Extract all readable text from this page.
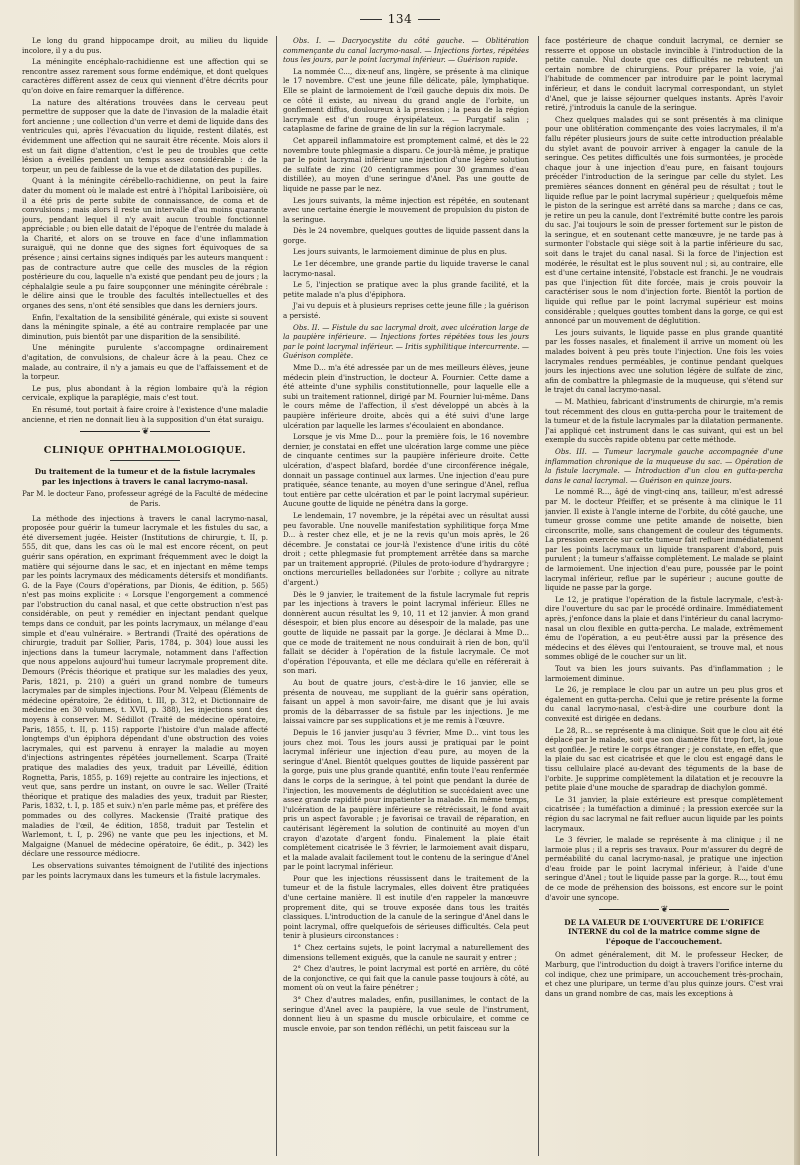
134

Le long du grand hippocampe droit, au milieu du liquide incolore, il y a du pus.

La méningite encéphalo-rachidienne est une affection qui se rencontre assez rarement sous forme endémique, et dont quelques caractères diffèrent assez de ceux qui viennent d'être décrits pour qu'on doive en faire remarquer la différence.

La nature des altérations trouvées dans le cerveau peut permettre de supposer que la date de l'invasion de la maladie était fort ancienne ; une collection d'un verre et demi de liquide dans des ventricules qui, après l'évacuation du liquide, restent dilatés, est évidemment une affection qui ne saurait être récente. Mois alors il est un fait digne d'attention, c'est le peu de troubles que cette lésion a éveillés pendant un temps assez considérable : de la torpeur, un peu de faiblesse de la vue et de dilatation des pupilles.

Quant à la méningite cérébello-rachidienne, on peut la faire dater du moment où le malade est entré à l'hôpital Lariboisière, où il a été pris de perte subite de connaissance, de coma et de convulsions ; mais alors il reste un intervalle d'au moins quarante jours, pendant lequel il n'y avait aucun trouble fonctionnel appréciable ; ou bien elle datait de l'époque de l'entrée du malade à la Charité, et alors on se trouve en face d'une inflammation suraiguë, qui ne donne que des signes fort équivoques de sa présence ; ainsi certains signes indiqués par les auteurs manquent : pas de contracture autre que celle des muscles de la région postérieure du cou, laquelle n'a existé que pendant peu de jours ; la céphalalgie seule a pu faire soupçonner une méningite cérébrale : le délire ainsi que le trouble des facultés intellectuelles et des organes des sens, n'ont été sensibles que dans les derniers jours.

Enfin, l'exaltation de la sensibilité générale, qui existe si souvent dans la méningite spinale, a été au contraire remplacée par une diminution, puis bientôt par une disparition de la sensibilité.

Une méningite purulente s'accompagne ordinairement d'agitation, de convulsions, de chaleur âcre à la peau. Chez ce malade, au contraire, il n'y a jamais eu que de l'affaissement et de la torpeur.

Le pus, plus abondant à la région lombaire qu'à la région cervicale, explique la paraplégie, mais c'est tout.

En résumé, tout portait à faire croire à l'existence d'une maladie ancienne, et rien ne donnait lieu à la supposition d'un état suraigu.

❦
CLINIQUE OPHTHALMOLOGIQUE.
Du traitement de la tumeur et de la fistule lacrymales par les injections à travers le canal lacrymo-nasal.
Par M. le docteur Fano, professeur agrégé de la Faculté de médecine de Paris.

La méthode des injections à travers le canal lacrymo-nasal, proposée pour guérir la tumeur lacrymale et les fistules du sac, a été diversement jugée. Heister (Institutions de chirurgie, t. II, p. 555, dit que, dans les cas où le mal est encore récent, on peut guérir sans opération, en exprimant fréquemment avec le doigt la matière qui séjourne dans le sac, et en injectant en même temps par les points lacrymaux des médicaments détersifs et mondifiants. G. de la Faye (Cours d'opérations, par Dionis, 4e édition, p. 565) n'est pas moins explicite : « Lorsque l'engorgement a commencé par l'obstruction du canal nasal, et que cette obstruction n'est pas considérable, on peut y remédier en injectant pendant quelque temps dans ce conduit, par les points lacrymaux, un mélange d'eau simple et d'eau vulnéraire. » Bertrandi (Traité des opérations de chirurgie, traduit par Sollier, Paris, 1784, p. 304) loue aussi les injections dans la tumeur lacrymale, notamment dans l'affection que nous appelons aujourd'hui tumeur lacrymale proprement dite. Demours (Précis théorique et pratique sur les maladies des yeux, Paris, 1821, p. 210) a guéri un grand nombre de tumeurs lacrymales par de simples injections. Pour M. Velpeau (Éléments de médecine opératoire, 2e édition, t. III, p. 312, et Dictionnaire de médecine en 30 volumes, t. XVII, p. 388), les injections sont des moyens à conserver. M. Sédillot (Traité de médecine opératoire, Paris, 1855, t. II, p. 115) rapporte l'histoire d'un malade affecté longtemps d'un épiphora dépendant d'une obstruction des voies lacrymales, qui est parvenu à enrayer la maladie au moyen d'injections astringentes répétées journellement. Scarpa (Traité pratique des maladies des yeux, traduit par Léveillé, édition Rognetta, Paris, 1855, p. 169) rejette au contraire les injections, et veut que, sans perdre un instant, on ouvre le sac. Weller (Traité théorique et pratique des maladies des yeux, traduit par Riester, Paris, 1832, t. I, p. 185 et suiv.) n'en parle même pas, et préfère des pommades ou des collyres. Mackensie (Traité pratique des maladies de l'œil, 4e édition, 1858, traduit par Testelin et Warlemont, t. I, p. 296) ne vante que peu les injections, et M. Malgaigne (Manuel de médecine opératoire, 6e édit., p. 342) les déclare une ressource médiocre.

Les observations suivantes témoignent de l'utilité des injections par les points lacrymaux dans les tumeurs et la fistule lacrymales.

Obs. I. — Dacryocystite du côté gauche. — Oblitération commençante du canal lacrymo-nasal. — Injections fortes, répétées tous les jours, par le point lacrymal inférieur. — Guérison rapide.

La nommée C..., dix-neuf ans, lingère, se présente à ma clinique le 17 novembre. C'est une jeune fille délicate, pâle, lymphatique. Elle se plaint de larmoiement de l'œil gauche depuis dix mois. De ce côté il existe, au niveau du grand angle de l'orbite, un gonflement diffus, douloureux à la pression ; la peau de la région lacrymale est d'un rouge érysipélateux. — Purgatif salin ; cataplasme de farine de graine de lin sur la région lacrymale.

Cet appareil inflammatoire est promptement calmé, et dès le 22 novembre toute phlegmasie a disparu. Ce jour-là même, je pratique par le point lacrymal inférieur une injection d'une légère solution de sulfate de zinc (20 centigrammes pour 30 grammes d'eau distillée), au moyen d'une seringue d'Anel. Pas une goutte de liquide ne passe par le nez.

Les jours suivants, la même injection est répétée, en soutenant avec une certaine énergie le mouvement de propulsion du piston de la seringue.

Dès le 24 novembre, quelques gouttes de liquide passent dans la gorge.

Les jours suivants, le larmoiement diminue de plus en plus.

Le 1er décembre, une grande partie du liquide traverse le canal lacrymo-nasal.

Le 5, l'injection se pratique avec la plus grande facilité, et la petite malade n'a plus d'épiphora.

J'ai vu depuis et à plusieurs reprises cette jeune fille ; la guérison a persisté.

Obs. II. — Fistule du sac lacrymal droit, avec ulcération large de la paupière inférieure. — Injections fortes répétées tous les jours par le point lacrymal inférieur. — Iritis syphilitique intercurrente. — Guérison complète.

Mme D... m'a été adressée par un de mes meilleurs élèves, jeune médecin plein d'instruction, le docteur A. Fournier. Cette dame a été atteinte d'une syphilis constitutionnelle, pour laquelle elle a subi un traitement rationnel, dirigé par M. Fournier lui-même. Dans le cours même de l'affection, il s'est développé un abcès à la paupière inférieure droite, abcès qui a été suivi d'une large ulcération par laquelle les larmes s'écoulaient en abondance.

Lorsque je vis Mme D... pour la première fois, le 16 novembre dernier, je constatai en effet une ulcération large comme une pièce de cinquante centimes sur la paupière inférieure droite. Cette ulcération, d'aspect blafard, bordée d'une circonférence inégale, donnait un passage continuel aux larmes. Une injection d'eau pure pratiquée, séance tenante, au moyen d'une seringue d'Anel, reflua tout entière par cette ulcération et par le point lacrymal supérieur. Aucune goutte de liquide ne pénétra dans la gorge.

Le lendemain, 17 novembre, je la répétai avec un résultat aussi peu favorable. Une nouvelle manifestation syphilitique força Mme D... à rester chez elle, et je ne la revis qu'un mois après, le 26 décembre. Je constatai ce jour-là l'existence d'une iritis du côté droit ; cette phlegmasie fut promptement arrêtée dans sa marche par un traitement approprié. (Pilules de proto-iodure d'hydrargyre ; onctions mercurielles belladonées sur l'orbite ; collyre au nitrate d'argent.)

Dès le 9 janvier, le traitement de la fistule lacrymale fut repris par les injections à travers le point lacrymal inférieur. Elles ne donnèrent aucun résultat les 9, 10, 11 et 12 janvier. À mon grand désespoir, et bien plus encore au désespoir de la malade, pas une goutte de liquide ne passait par la gorge. Je déclarai à Mme D... que ce mode de traitement ne nous conduirait à rien de bon, qu'il fallait se décider à l'opération de la fistule lacrymale. Ce mot d'opération l'épouvanta, et elle me déclara qu'elle en référerait à son mari.

Au bout de quatre jours, c'est-à-dire le 16 janvier, elle se présenta de nouveau, me suppliant de la guérir sans opération, faisant un appel à mon savoir-faire, me disant que je lui avais promis de la débarrasser de sa fistule par les injections. Je me laissai vaincre par ses supplications et je me remis à l'œuvre.

Depuis le 16 janvier jusqu'au 3 février, Mme D... vint tous les jours chez moi. Tous les jours aussi je pratiquai par le point lacrymal inférieur une injection d'eau pure, au moyen de la seringue d'Anel. Bientôt quelques gouttes de liquide passèrent par la gorge, puis une plus grande quantité, enfin toute l'eau renfermée dans le corps de la seringue, à tel point que pendant la durée de l'injection, les mouvements de déglutition se succédaient avec une assez grande rapidité pour impatienter la malade. En même temps, l'ulcération de la paupière inférieure se rétrécissait, le fond avait pris un aspect favorable ; je favorisai ce travail de réparation, en cautérisant légèrement la solution de continuité au moyen d'un crayon d'azotate d'argent fondu. Finalement la plaie était complètement cicatrisée le 3 février, le larmoiement avait disparu, et la malade avalait facilement tout le contenu de la seringue d'Anel par le point lacrymal inférieur.

Pour que les injections réussissent dans le traitement de la tumeur et de la fistule lacrymales, elles doivent être pratiquées d'une certaine manière. Il est inutile d'en rappeler la manœuvre proprement dite, qui se trouve exposée dans tous les traités classiques. L'introduction de la canule de la seringue d'Anel dans le point lacrymal, offre quelquefois de sérieuses difficultés. Cela peut tenir à plusieurs circonstances :

1° Chez certains sujets, le point lacrymal a naturellement des dimensions tellement exiguës, que la canule ne saurait y entrer ;

2° Chez d'autres, le point lacrymal est porté en arrière, du côté de la conjonctive, ce qui fait que la canule passe toujours à côté, au moment où on veut la faire pénétrer ;

3° Chez d'autres malades, enfin, pusillanimes, le contact de la seringue d'Anel avec la paupière, la vue seule de l'instrument, donnent lieu à un spasme du muscle orbiculaire, et comme ce muscle envoie, par son tendon réfléchi, un petit faisceau sur la

face postérieure de chaque conduit lacrymal, ce dernier se resserre et oppose un obstacle invincible à l'introduction de la petite canule. Nul doute que ces difficultés ne rebutent un certain nombre de chirurgiens. Pour préparer la voie, j'ai l'habitude de commencer par introduire par le point lacrymal inférieur, et dans le conduit lacrymal correspondant, un stylet d'Anel, que je laisse séjourner quelques instants. Après l'avoir retiré, j'introduis la canule de la seringue.

Chez quelques malades qui se sont présentés à ma clinique pour une oblitération commençante des voies lacrymales, il m'a fallu répéter plusieurs jours de suite cette introduction préalable du stylet avant de pouvoir arriver à engager la canule de la seringue. Ces petites difficultés une fois surmontées, je procède chaque jour à une injection d'eau pure, en faisant toujours précéder l'introduction de la seringue par celle du stylet. Les premières séances donnent en général peu de résultat ; tout le liquide reflue par le point lacrymal supérieur ; quelquefois même le piston de la seringue est arrêté dans sa marche ; dans ce cas, je retire un peu la canule, dont l'extrémité butte contre les parois du sac. J'ai toujours le soin de presser fortement sur le piston de la seringue, et en soutenant cette manœuvre, je ne tarde pas à surmonter l'obstacle qui siège soit à la partie inférieure du sac, soit dans le trajet du canal nasal. Si la force de l'injection est modérée, le résultat est le plus souvent nul ; si, au contraire, elle est d'une certaine intensité, l'obstacle est franchi. Je ne voudrais pas que l'injection fût dite forcée, mais je crois pouvoir la caractériser sous le nom d'injection forte. Bientôt la portion de liquide qui reflue par le point lacrymal supérieur est moins considérable ; quelques gouttes tombent dans la gorge, ce qui est annoncé par un mouvement de déglutition.

Les jours suivants, le liquide passe en plus grande quantité par les fosses nasales, et finalement il arrive un moment où les malades boivent à peu près toute l'injection. Une fois les voies lacrymales rendues perméables, je continue pendant quelques jours les injections avec une solution légère de sulfate de zinc, afin de combattre la phlegmasie de la muqueuse, qui s'étend sur le trajet du canal lacrymo-nasal.

— M. Mathieu, fabricant d'instruments de chirurgie, m'a remis tout récemment des clous en gutta-percha pour le traitement de la tumeur et de la fistule lacrymales par la dilatation permanente. J'ai appliqué cet instrument dans le cas suivant, qui est un bel exemple du succès rapide obtenu par cette méthode.

Obs. III. — Tumeur lacrymale gauche accompagnée d'une inflammation chronique de la muqueuse du sac. — Opération de la fistule lacrymale. — Introduction d'un clou en gutta-percha dans le canal lacrymal. — Guérison en quinze jours.

Le nommé R..., âgé de vingt-cinq ans, tailleur, m'est adressé par M. le docteur Pfeiffer, et se présente à ma clinique le 11 janvier. Il existe à l'angle interne de l'orbite, du côté gauche, une tumeur grosse comme une petite amande de noisette, bien circonscrite, molle, sans changement de couleur des téguments. La pression exercée sur cette tumeur fait refluer immédiatement par les points lacrymaux un liquide transparent d'abord, puis purulent ; la tumeur s'affaisse complètement. Le malade se plaint de larmoiement. Une injection d'eau pure, poussée par le point lacrymal inférieur, reflue par le supérieur ; aucune goutte de liquide ne passe par la gorge.

Le 12, je pratique l'opération de la fistule lacrymale, c'est-à-dire l'ouverture du sac par le procédé ordinaire. Immédiatement après, j'enfonce dans la plaie et dans l'intérieur du canal lacrymo-nasal un clou flexible en gutta-percha. Le malade, extrêmement ému de l'opération, a eu peut-être aussi par la présence des médecins et des élèves qui l'entouraient, se trouve mal, et nous sommes obligé de le coucher sur un lit.

Tout va bien les jours suivants. Pas d'inflammation ; le larmoiement diminue.

Le 26, je remplace le clou par un autre un peu plus gros et également en gutta-percha. Celui que je retire présente la forme du canal lacrymo-nasal, c'est-à-dire une courbure dont la convexité est dirigée en dedans.

Le 28, R... se représente à ma clinique. Soit que le clou ait été déplacé par le malade, soit que son diamètre fût trop fort, la joue est gonflée. Je retire le corps étranger ; je constate, en effet, que la plaie du sac est cicatrisée et que le clou est engagé dans le tissu cellulaire placé au-devant des téguments de la base de l'orbite. Je supprime complètement la dilatation et je recouvre la petite plaie d'une mouche de sparadrap de diachylon gommé.

Le 31 janvier, la plaie extérieure est presque complètement cicatrisée ; la tuméfaction a diminué ; la pression exercée sur la région du sac lacrymal ne fait refluer aucun liquide par les points lacrymaux.

Le 3 février, le malade se représente à ma clinique ; il ne larmoie plus ; il a repris ses travaux. Pour m'assurer du degré de perméabilité du canal lacrymo-nasal, je pratique une injection d'eau froide par le point lacrymal inférieur, à l'aide d'une seringue d'Anel ; tout le liquide passe par la gorge. R..., tout ému de ce mode de préhension des boissons, est encore sur le point d'avoir une syncope.

❦
DE LA VALEUR DE L'OUVERTURE DE L'ORIFICE INTERNE du col de la matrice comme signe de l'époque de l'accouchement.

On admet généralement, dit M. le professeur Hecker, de Marburg, que l'introduction du doigt à travers l'orifice interne du col indique, chez une primipare, un accouchement très-prochain, et chez une pluripare, un terme d'au plus quinze jours. C'est vrai dans un grand nombre de cas, mais les exceptions à
